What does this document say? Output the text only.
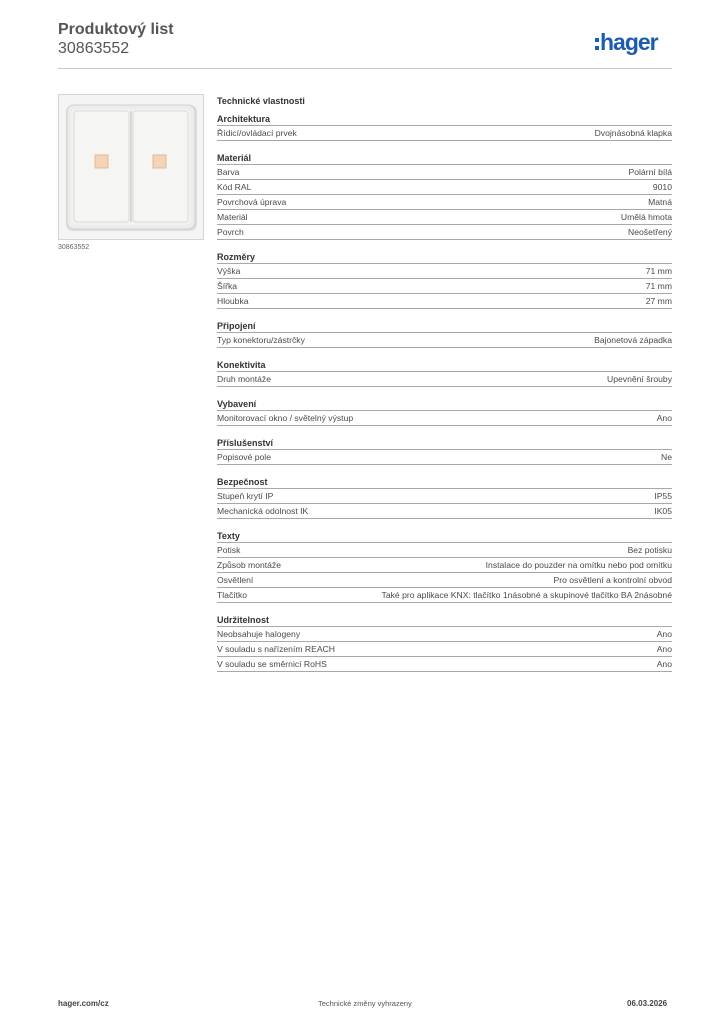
Produktový list
30863552	hager
30863552
Technické vlastnosti
Architektura
Řídicí/ovládací prvek	Dvojnásobná klapka
Materiál
Barva	Polární bílá
Kód RAL	9010
Povrchová úprava	Matná
Materiál	Umělá hmota
Povrch	Neošetřený
Rozměry
Výška	71 mm
Šířka	71 mm
Hloubka	27 mm
Připojení
Typ konektoru/zástrčky	Bajonetová západka
Konektivita
Druh montáže	Upevnění šrouby
Vybavení
Monitorovací okno / světelný výstup	Ano
Příslušenství
Popisové pole	Ne
Bezpečnost
Stupeň krytí IP	IP55
Mechanická odolnost IK	IK05
Texty
Potisk	Bez potisku
Způsob montáže	Instalace do pouzder na omítku nebo pod omítku
Osvětlení	Pro osvětlení a kontrolní obvod
Tlačítko	Také pro aplikace KNX: tlačítko 1násobné a skupinové tlačítko BA 2násobné
Udržitelnost
Neobsahuje halogeny	Ano
V souladu s nařízením REACH	Ano
V souladu se směrnicí RoHS	Ano
hager.com/cz	Technické změny vyhrazeny	06.03.2026
